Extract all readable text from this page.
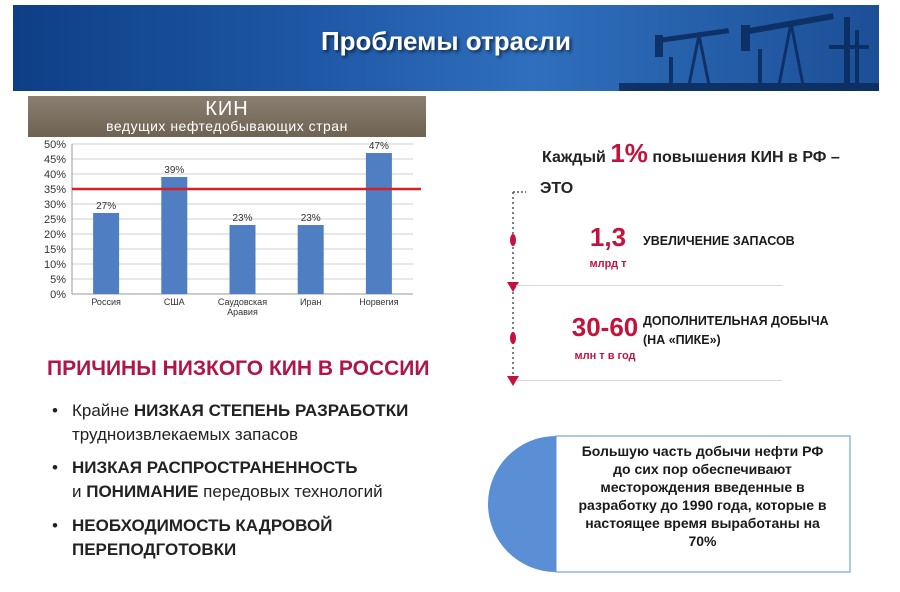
Проблемы отрасли
КИН
ведущих нефтедобывающих стран
0%
5%
10%
15%
20%
25%
30%
35%
40%
45%
50%
27%
Россия
39%
США
23%
Саудовская
Аравия
23%
Иран
47%
Норвегия
Каждый 1% повышения КИН в РФ –
ЭТО
1,3
млрд т
УВЕЛИЧЕНИЕ ЗАПАСОВ
30-60
млн т в год
ДОПОЛНИТЕЛЬНАЯ ДОБЫЧА
(НА «ПИКЕ»)
ПРИЧИНЫ НИЗКОГО КИН В РОССИИ
• Крайне НИЗКАЯ СТЕПЕНЬ РАЗРАБОТКИ
трудноизвлекаемых запасов
• НИЗКАЯ РАСПРОСТРАНЕННОСТЬ
и ПОНИМАНИЕ передовых технологий
• НЕОБХОДИМОСТЬ КАДРОВОЙ
ПЕРЕПОДГОТОВКИ
Большую часть добычи нефти РФ
до сих пор обеспечивают
месторождения введенные в
разработку до 1990 года, которые в
настоящее время выработаны на
70%
